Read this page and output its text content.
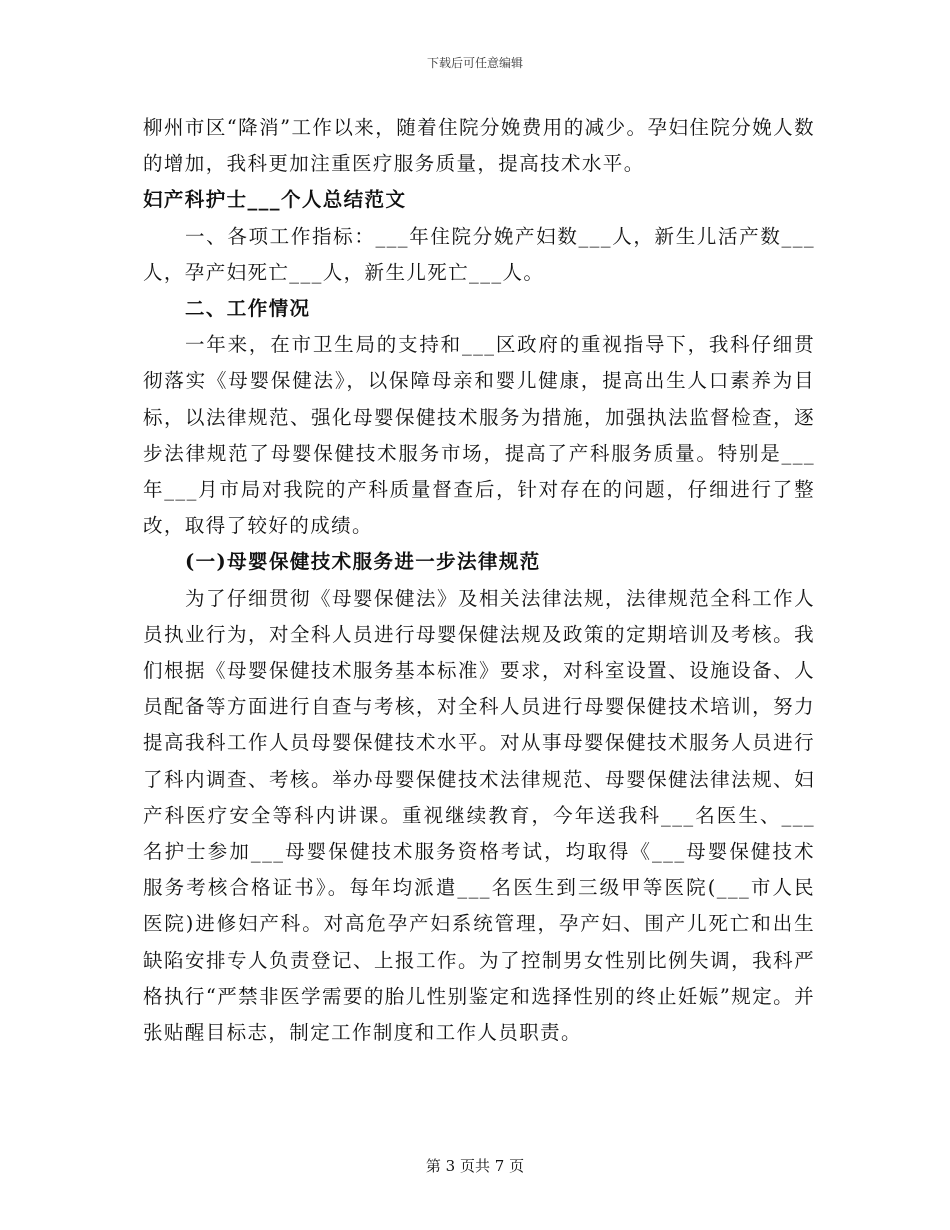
下载后可任意编辑

柳州市区“降消”工作以来，随着住院分娩费用的减少。孕妇住院分娩人数的增加，我科更加注重医疗服务质量，提高技术水平。

妇产科护士___个人总结范文

一、各项工作指标：___年住院分娩产妇数___人，新生儿活产数___人，孕产妇死亡___人，新生儿死亡___人。

二、工作情况

一年来，在市卫生局的支持和___区政府的重视指导下，我科仔细贯彻落实《母婴保健法》，以保障母亲和婴儿健康，提高出生人口素养为目标，以法律规范、强化母婴保健技术服务为措施，加强执法监督检查，逐步法律规范了母婴保健技术服务市场，提高了产科服务质量。特别是___年___月市局对我院的产科质量督查后，针对存在的问题，仔细进行了整改，取得了较好的成绩。

(一)母婴保健技术服务进一步法律规范

为了仔细贯彻《母婴保健法》及相关法律法规，法律规范全科工作人员执业行为，对全科人员进行母婴保健法规及政策的定期培训及考核。我们根据《母婴保健技术服务基本标准》要求，对科室设置、设施设备、人员配备等方面进行自查与考核，对全科人员进行母婴保健技术培训，努力提高我科工作人员母婴保健技术水平。对从事母婴保健技术服务人员进行了科内调查、考核。举办母婴保健技术法律规范、母婴保健法律法规、妇产科医疗安全等科内讲课。重视继续教育，今年送我科___名医生、___名护士参加___母婴保健技术服务资格考试，均取得《___母婴保健技术服务考核合格证书》。每年均派遣___名医生到三级甲等医院(___市人民医院)进修妇产科。对高危孕产妇系统管理，孕产妇、围产儿死亡和出生缺陷安排专人负责登记、上报工作。为了控制男女性别比例失调，我科严格执行“严禁非医学需要的胎儿性别鉴定和选择性别的终止妊娠”规定。并张贴醒目标志，制定工作制度和工作人员职责。

第 3 页共 7 页
